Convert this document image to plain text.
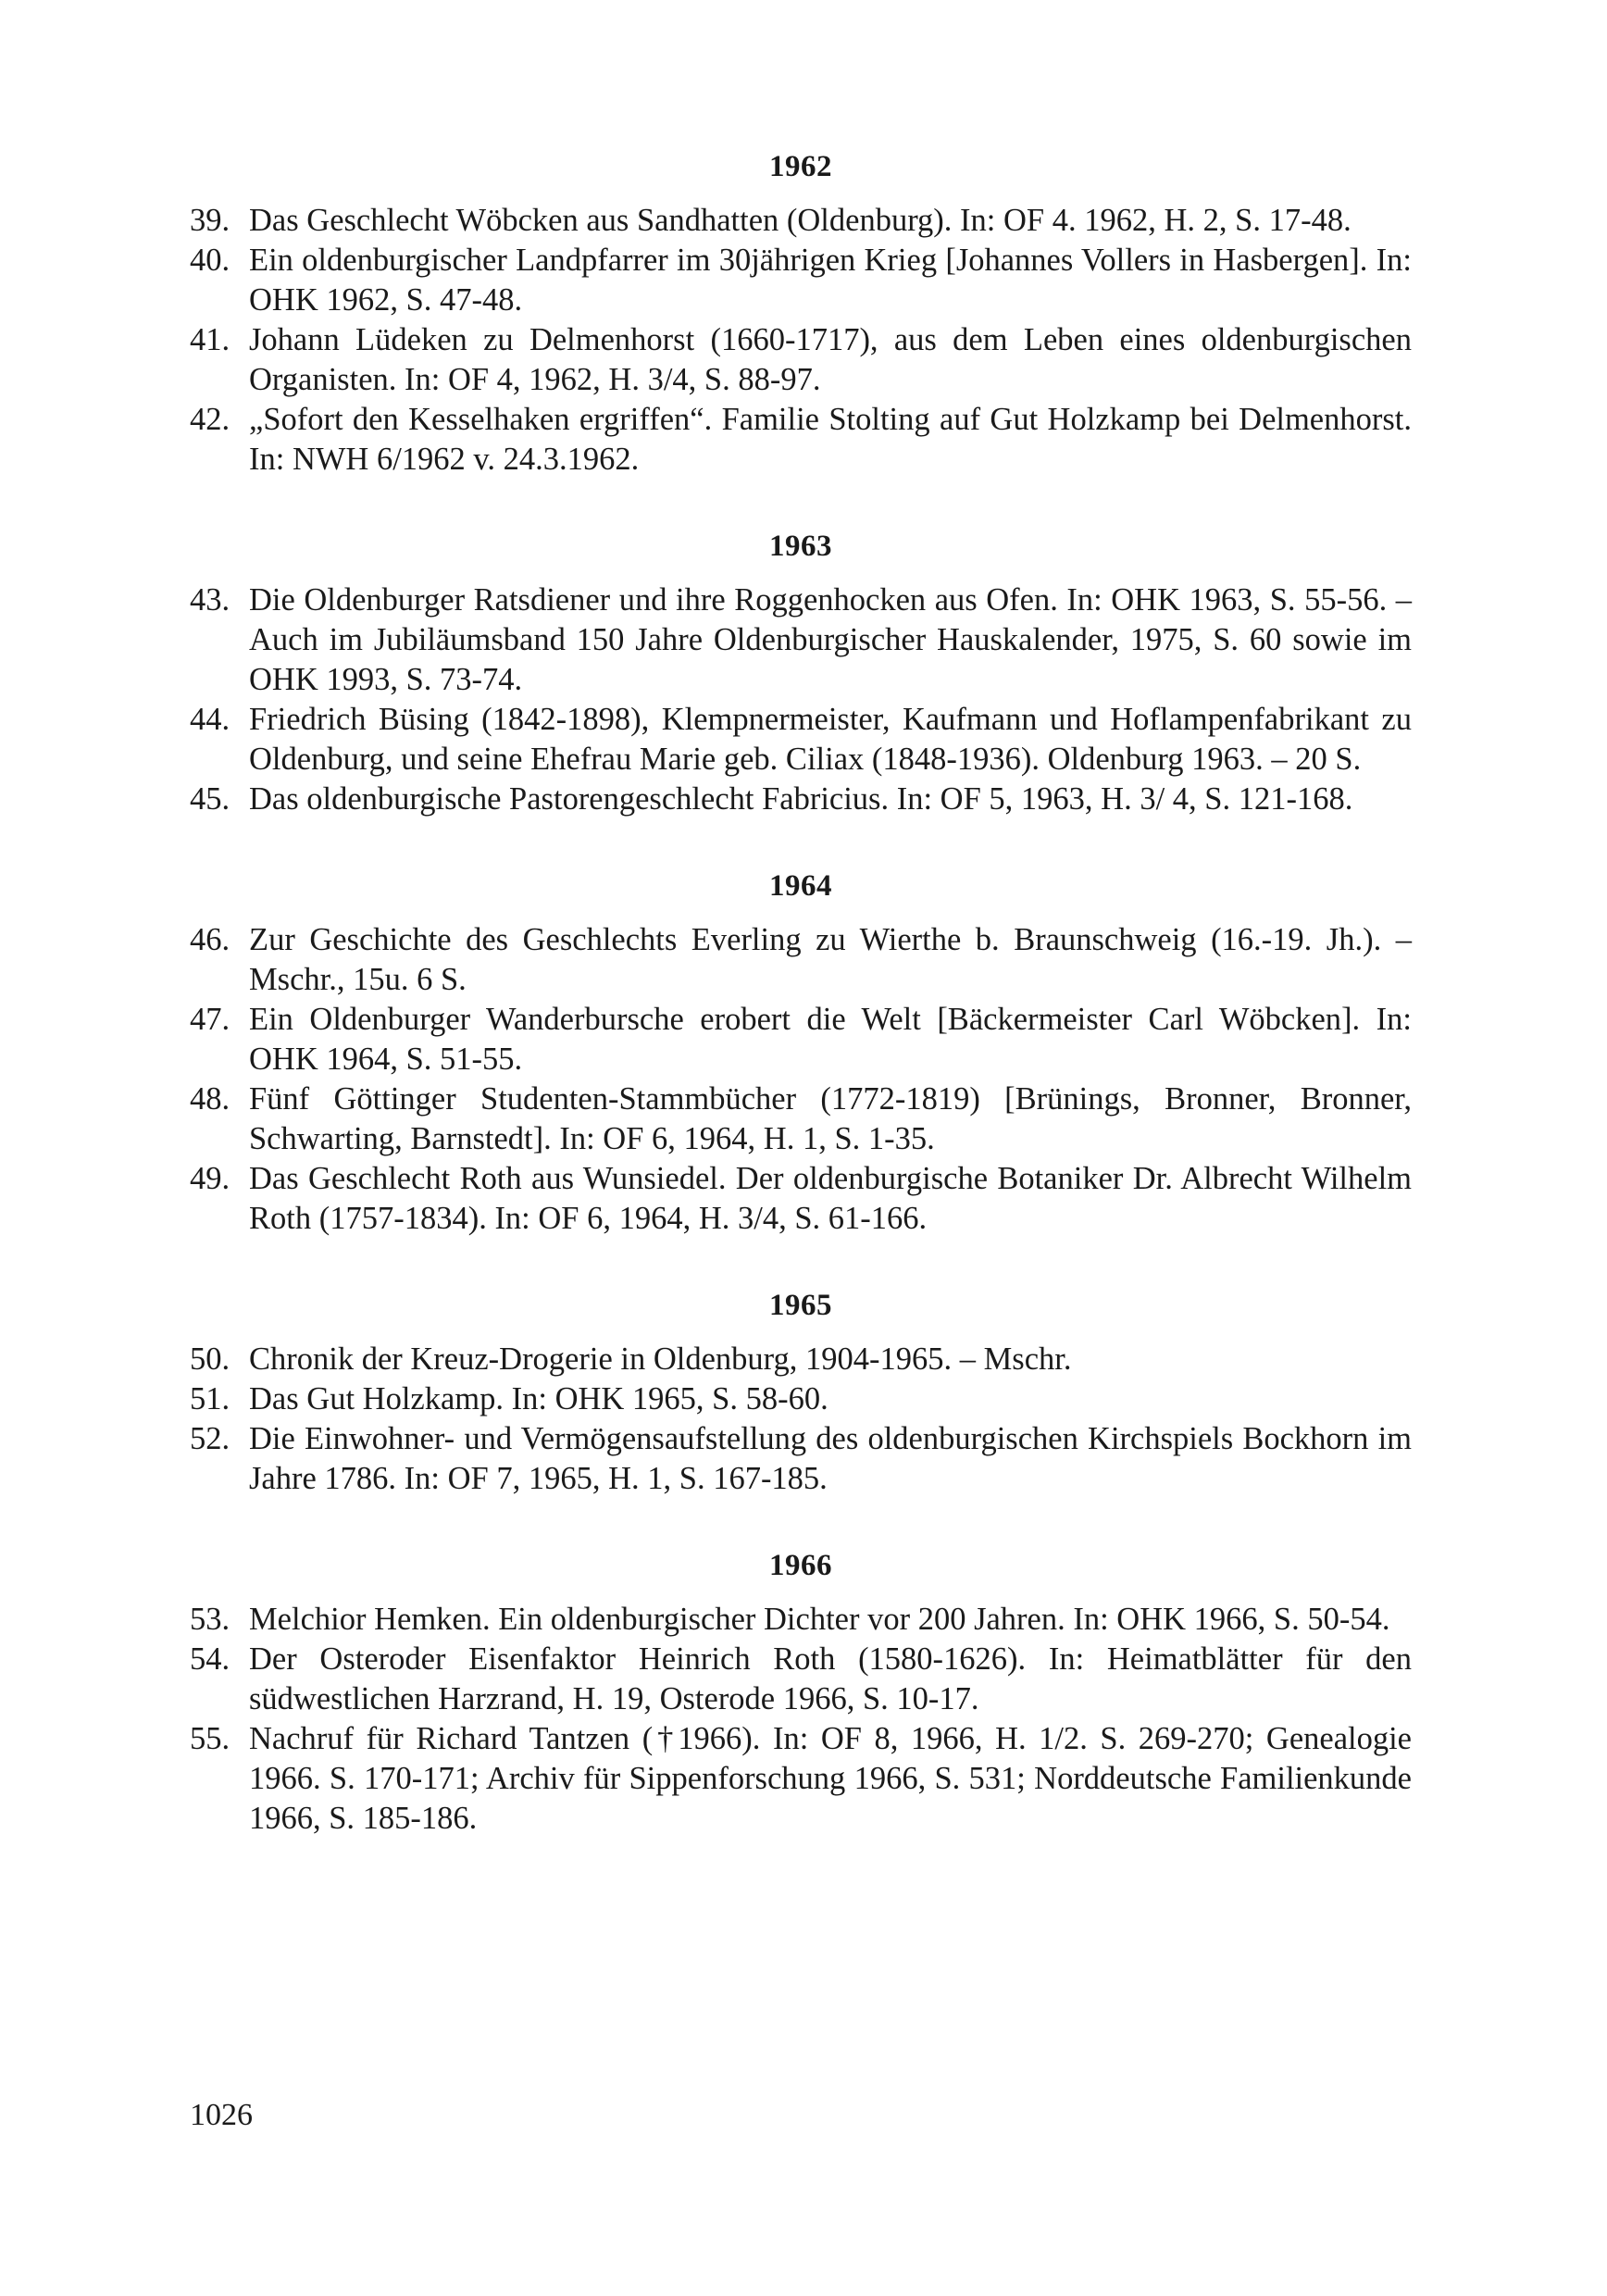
1962
39. Das Geschlecht Wöbcken aus Sandhatten (Oldenburg). In: OF 4. 1962, H. 2, S. 17-48.
40. Ein oldenburgischer Landpfarrer im 30jährigen Krieg [Johannes Vollers in Hasbergen]. In: OHK 1962, S. 47-48.
41. Johann Lüdeken zu Delmenhorst (1660-1717), aus dem Leben eines oldenburgischen Organisten. In: OF 4, 1962, H. 3/4, S. 88-97.
42. „Sofort den Kesselhaken ergriffen“. Familie Stolting auf Gut Holzkamp bei Delmenhorst. In: NWH 6/1962 v. 24.3.1962.
1963
43. Die Oldenburger Ratsdiener und ihre Roggenhocken aus Ofen. In: OHK 1963, S. 55-56. – Auch im Jubiläumsband 150 Jahre Oldenburgischer Hauskalender, 1975, S. 60 sowie im OHK 1993, S. 73-74.
44. Friedrich Büsing (1842-1898), Klempnermeister, Kaufmann und Hoflampenfabrikant zu Oldenburg, und seine Ehefrau Marie geb. Ciliax (1848-1936). Oldenburg 1963. – 20 S.
45. Das oldenburgische Pastorengeschlecht Fabricius. In: OF 5, 1963, H. 3/ 4, S. 121-168.
1964
46. Zur Geschichte des Geschlechts Everling zu Wierthe b. Braunschweig (16.-19. Jh.). – Mschr., 15u. 6 S.
47. Ein Oldenburger Wanderbursche erobert die Welt [Bäckermeister Carl Wöbcken]. In: OHK 1964, S. 51-55.
48. Fünf Göttinger Studenten-Stammbücher (1772-1819) [Brünings, Bronner, Bronner, Schwarting, Barnstedt]. In: OF 6, 1964, H. 1, S. 1-35.
49. Das Geschlecht Roth aus Wunsiedel. Der oldenburgische Botaniker Dr. Albrecht Wilhelm Roth (1757-1834). In: OF 6, 1964, H. 3/4, S. 61-166.
1965
50. Chronik der Kreuz-Drogerie in Oldenburg, 1904-1965. – Mschr.
51. Das Gut Holzkamp. In: OHK 1965, S. 58-60.
52. Die Einwohner- und Vermögensaufstellung des oldenburgischen Kirchspiels Bockhorn im Jahre 1786. In: OF 7, 1965, H. 1, S. 167-185.
1966
53. Melchior Hemken. Ein oldenburgischer Dichter vor 200 Jahren. In: OHK 1966, S. 50-54.
54. Der Osteroder Eisenfaktor Heinrich Roth (1580-1626). In: Heimatblätter für den südwestlichen Harzrand, H. 19, Osterode 1966, S. 10-17.
55. Nachruf für Richard Tantzen (†1966). In: OF 8, 1966, H. 1/2. S. 269-270; Genealogie 1966. S. 170-171; Archiv für Sippenforschung 1966, S. 531; Norddeutsche Familienkunde 1966, S. 185-186.
1026
